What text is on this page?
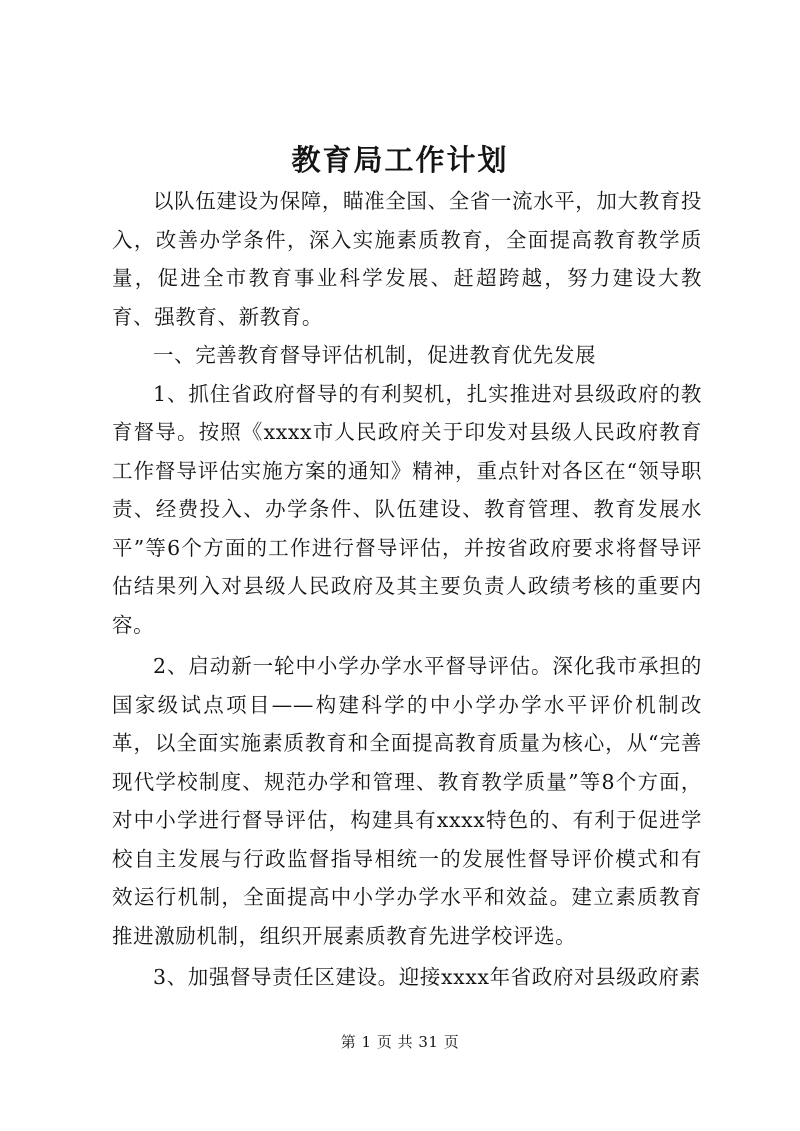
教育局工作计划

以队伍建设为保障，瞄准全国、全省一流水平，加大教育投入，改善办学条件，深入实施素质教育，全面提高教育教学质量，促进全市教育事业科学发展、赶超跨越，努力建设大教育、强教育、新教育。

一、完善教育督导评估机制，促进教育优先发展

1、抓住省政府督导的有利契机，扎实推进对县级政府的教育督导。按照《xxxx市人民政府关于印发对县级人民政府教育工作督导评估实施方案的通知》精神，重点针对各区在“领导职责、经费投入、办学条件、队伍建设、教育管理、教育发展水平”等6个方面的工作进行督导评估，并按省政府要求将督导评估结果列入对县级人民政府及其主要负责人政绩考核的重要内容。

2、启动新一轮中小学办学水平督导评估。深化我市承担的国家级试点项目——构建科学的中小学办学水平评价机制改革，以全面实施素质教育和全面提高教育质量为核心，从“完善现代学校制度、规范办学和管理、教育教学质量”等8个方面，对中小学进行督导评估，构建具有xxxx特色的、有利于促进学校自主发展与行政监督指导相统一的发展性督导评价模式和有效运行机制，全面提高中小学办学水平和效益。建立素质教育推进激励机制，组织开展素质教育先进学校评选。

3、加强督导责任区建设。迎接xxxx年省政府对县级政府素

第 1 页 共 31 页
